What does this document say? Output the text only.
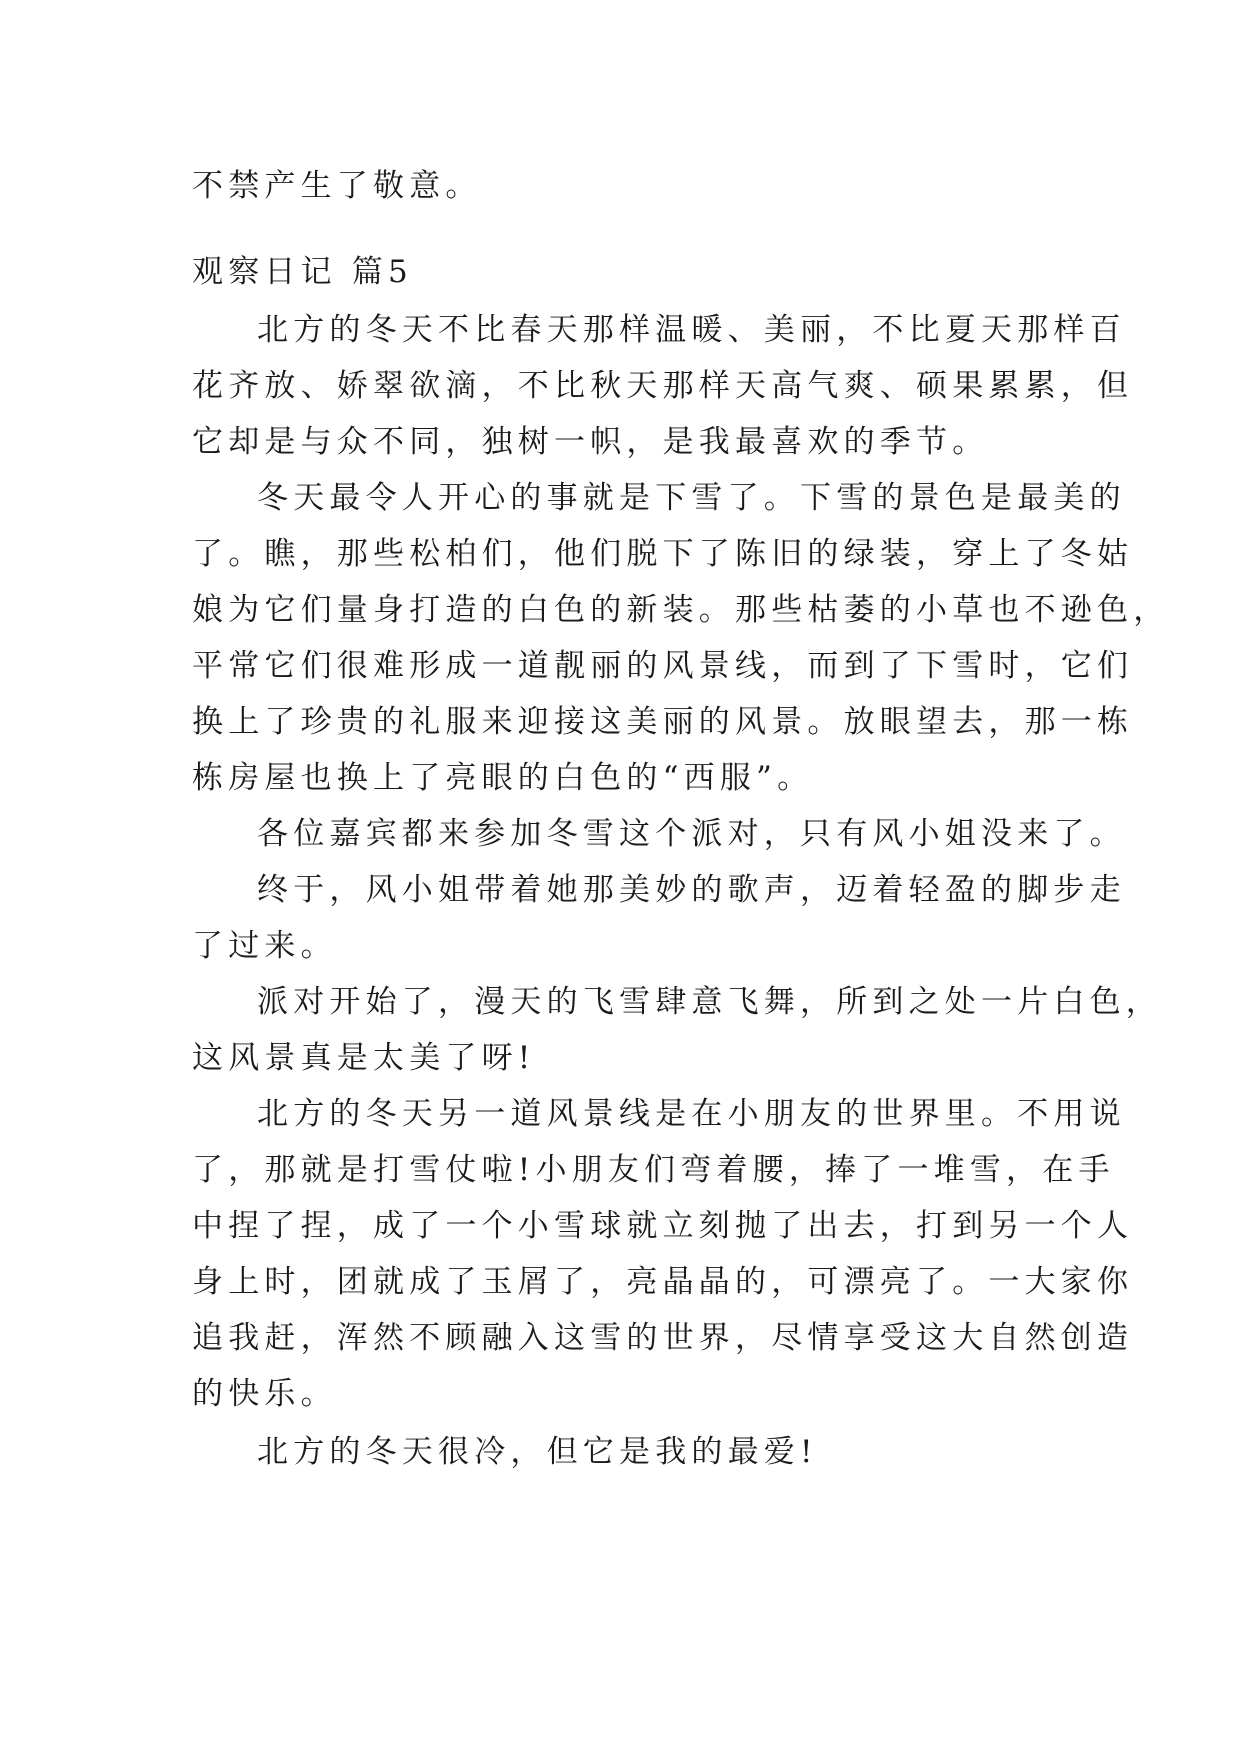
不禁产生了敬意。
观察日记 篇5
北方的冬天不比春天那样温暖、美丽，不比夏天那样百
花齐放、娇翠欲滴，不比秋天那样天高气爽、硕果累累，但
它却是与众不同，独树一帜，是我最喜欢的季节。
冬天最令人开心的事就是下雪了。下雪的景色是最美的
了。瞧，那些松柏们，他们脱下了陈旧的绿装，穿上了冬姑
娘为它们量身打造的白色的新装。那些枯萎的小草也不逊色，
平常它们很难形成一道靓丽的风景线，而到了下雪时，它们
换上了珍贵的礼服来迎接这美丽的风景。放眼望去，那一栋
栋房屋也换上了亮眼的白色的“西服”。
各位嘉宾都来参加冬雪这个派对，只有风小姐没来了。
终于，风小姐带着她那美妙的歌声，迈着轻盈的脚步走
了过来。
派对开始了，漫天的飞雪肆意飞舞，所到之处一片白色，
这风景真是太美了呀!
北方的冬天另一道风景线是在小朋友的世界里。不用说
了，那就是打雪仗啦!小朋友们弯着腰，捧了一堆雪，在手
中捏了捏，成了一个小雪球就立刻抛了出去，打到另一个人
身上时，团就成了玉屑了，亮晶晶的，可漂亮了。一大家你
追我赶，浑然不顾融入这雪的世界，尽情享受这大自然创造
的快乐。
北方的冬天很冷，但它是我的最爱!
